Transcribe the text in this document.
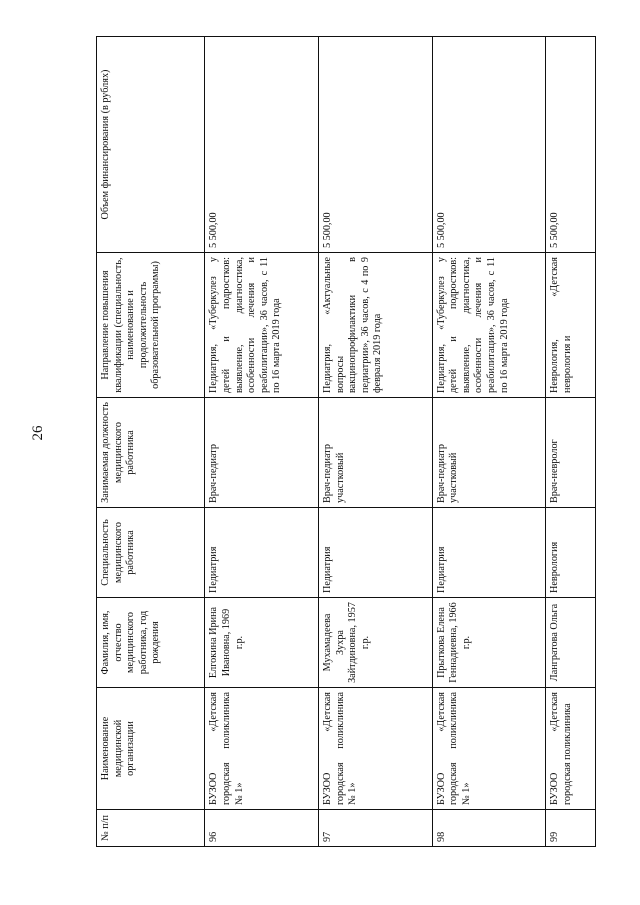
26
№ п/п	Наименование медицинской организации	Фамилия, имя, отчество медицинского работника, год рождения	Специальность медицинского работника	Занимаемая должность медицинского работника	Направление повышения квалификации (специальность, наименование и продолжительность образовательной программы)	Объем финансирования (в рублях)
96	БУЗОО «Детская городская поликлиника № 1»	Елгокина Ирина Ивановна, 1969 г.р.	Педиатрия	Врач-педиатр	Педиатрия, «Туберкулез у детей и подростков: выявление, диагностика, особенности лечения и реабилитации», 36 часов, с 11 по 16 марта 2019 года	5 500,00
97	БУЗОО «Детская городская поликлиника № 1»	Мухамадеева Зухра Зайтдиновна, 1957 г.р.	Педиатрия	Врач-педиатр участковый	Педиатрия, «Актуальные вопросы вакцинопрофилактики в педиатрии», 36 часов, с 4 по 9 февраля 2019 года	5 500,00
98	БУЗОО «Детская городская поликлиника № 1»	Прыткова Елена Геннадиевна, 1966 г.р.	Педиатрия	Врач-педиатр участковый	Педиатрия, «Туберкулез у детей и подростков: выявление, диагностика, особенности лечения и реабилитации», 36 часов, с 11 по 16 марта 2019 года	5 500,00
99	БУЗОО «Детская городская поликлиника	Лангратова Ольга	Неврология	Врач-невролог	Неврология, «Детская неврология и	5 500,00
